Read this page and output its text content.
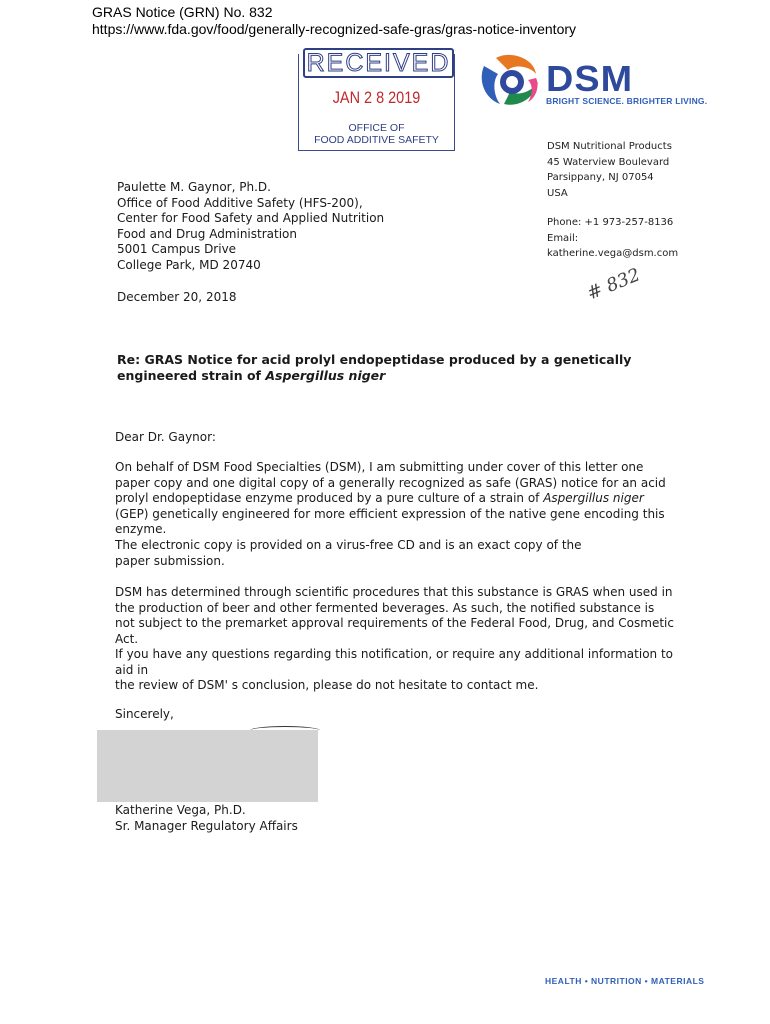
GRAS Notice (GRN) No. 832
https://www.fda.gov/food/generally-recognized-safe-gras/gras-notice-inventory
RECEIVED
JAN 2 8 2019
OFFICE OF
FOOD ADDITIVE SAFETY
DSM
BRIGHT SCIENCE. BRIGHTER LIVING.
DSM Nutritional Products
45 Waterview Boulevard
Parsippany, NJ 07054
USA
Phone: +1 973-257-8136
Email:
katherine.vega@dsm.com
Paulette M. Gaynor, Ph.D.
Office of Food Additive Safety (HFS-200),
Center for Food Safety and Applied Nutrition
Food and Drug Administration
5001 Campus Drive
College Park, MD 20740
December 20, 2018	# 832
Re: GRAS Notice for acid prolyl endopeptidase produced by a genetically
engineered strain of Aspergillus niger
Dear Dr. Gaynor:
On behalf of DSM Food Specialties (DSM), I am submitting under cover of this letter one paper copy and one digital copy of a generally recognized as safe (GRAS) notice for an acid prolyl endopeptidase enzyme produced by a pure culture of a strain of Aspergillus niger (GEP) genetically engineered for more efficient expression of the native gene encoding this enzyme.
The electronic copy is provided on a virus-free CD and is an exact copy of the paper submission.
DSM has determined through scientific procedures that this substance is GRAS when used in the production of beer and other fermented beverages. As such, the notified substance is not subject to the premarket approval requirements of the Federal Food, Drug, and Cosmetic Act.
If you have any questions regarding this notification, or require any additional information to aid in
the review of DSM' s conclusion, please do not hesitate to contact me.
Sincerely,
Katherine Vega, Ph.D.
Sr. Manager Regulatory Affairs
HEALTH • NUTRITION • MATERIALS
